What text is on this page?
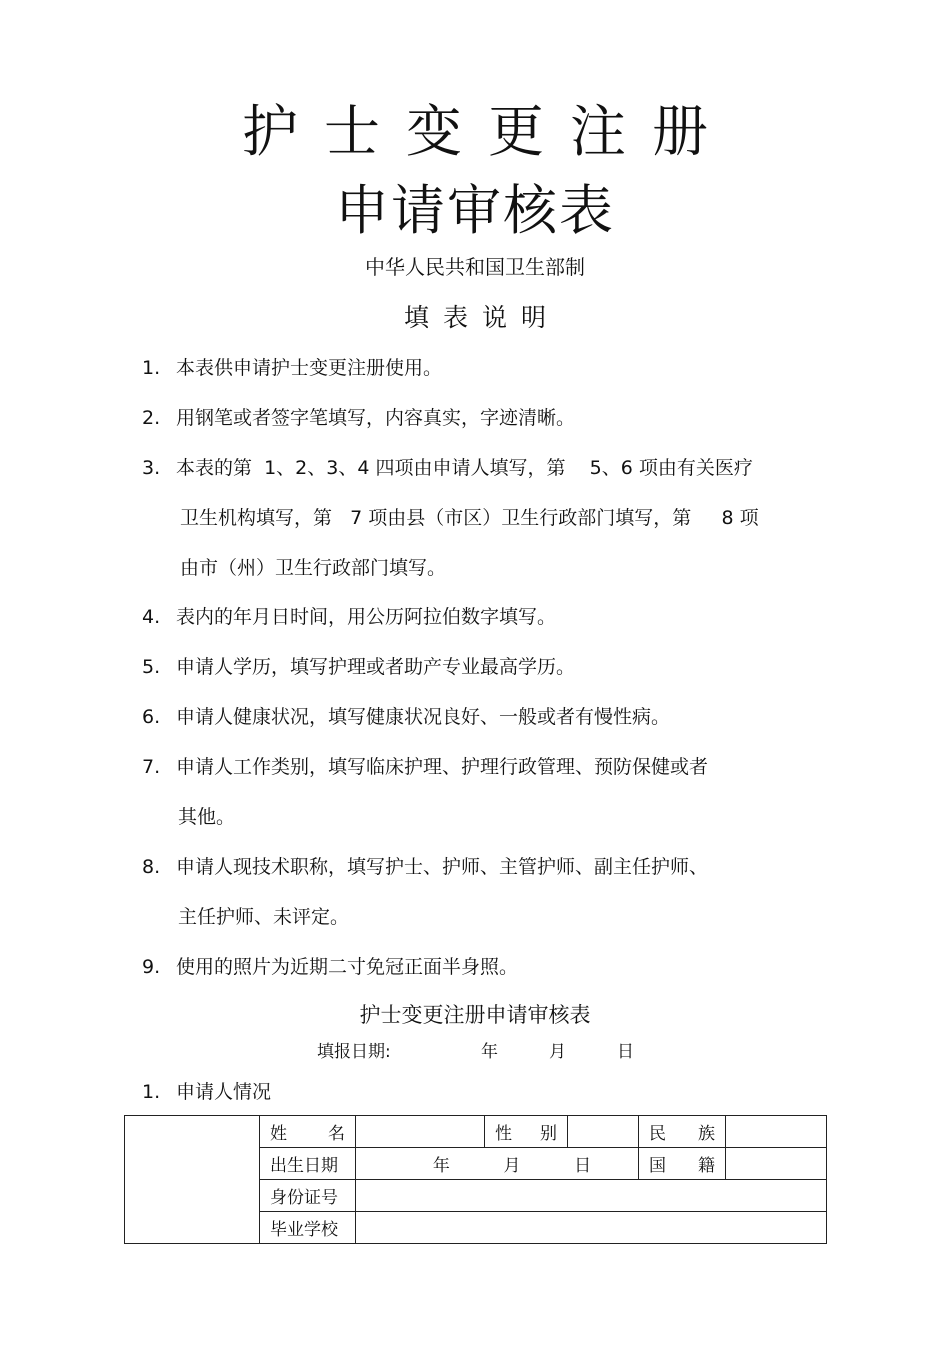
护士变更注册
申请审核表
中华人民共和国卫生部制
填表说明
1. 本表供申请护士变更注册使用。
2. 用钢笔或者签字笔填写，内容真实，字迹清晰。
3. 本表的第  1、2、3、4 四项由申请人填写，第    5、6 项由有关医疗
卫生机构填写，第   7 项由县（市区）卫生行政部门填写，第     8 项
由市（州）卫生行政部门填写。
4. 表内的年月日时间，用公历阿拉伯数字填写。
5. 申请人学历，填写护理或者助产专业最高学历。
6. 申请人健康状况，填写健康状况良好、一般或者有慢性病。
7. 申请人工作类别，填写临床护理、护理行政管理、预防保健或者
其他。
8. 申请人现技术职称，填写护士、护师、主管护师、副主任护师、
主任护师、未评定。
9. 使用的照片为近期二寸免冠正面半身照。
护士变更注册申请审核表
填报日期:	年	月	日
1. 申请人情况

	姓 名		性 别		民 族	

	出生日期	年 月 日			国 籍	

	身份证号					
	毕业学校					
